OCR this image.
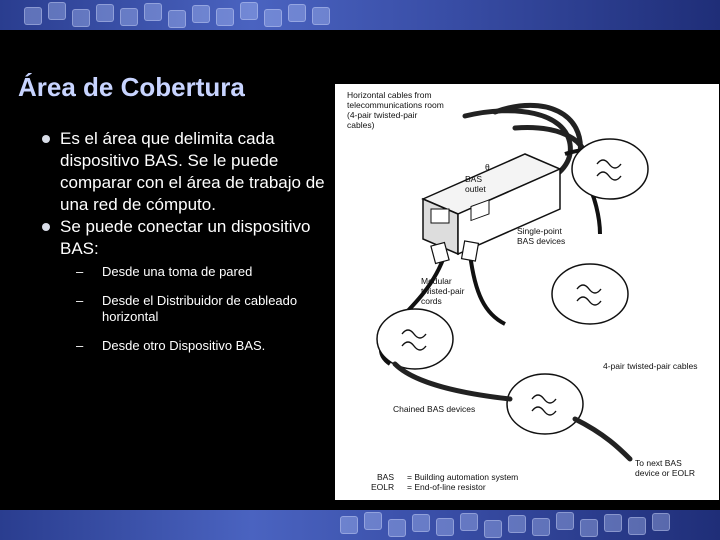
Área de Cobertura
Es el área que delimita cada dispositivo BAS. Se le puede comparar con el área de trabajo de una red de cómputo.
Se puede conectar un dispositivo BAS:
– Desde una toma de pared
– Desde el Distribuidor de cableado horizontal
– Desde otro Dispositivo BAS.
Horizontal cables from
telecommunications room
(4-pair twisted-pair
cables)
θ
BAS
outlet
Single-point
BAS devices
Modular
twisted-pair
cords
4-pair twisted-pair cables
Chained BAS devices
To next BAS
device or EOLR
BAS = Building automation system
EOLR = End-of-line resistor
